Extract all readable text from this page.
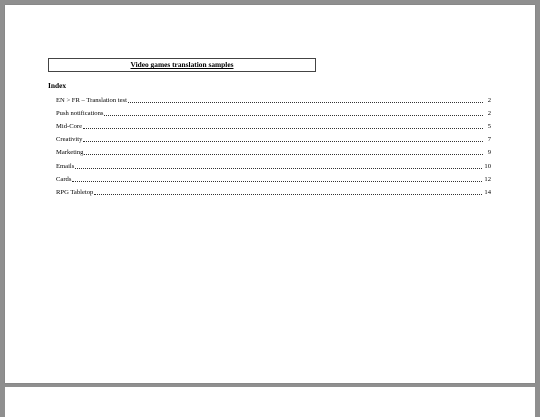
Video games translation samples
Index
EN > FR – Translation test	2
Push notifications	2
Mid-Core	5
Creativity	7
Marketing	9
Emails	10
Cards	12
RPG Tabletop	14
